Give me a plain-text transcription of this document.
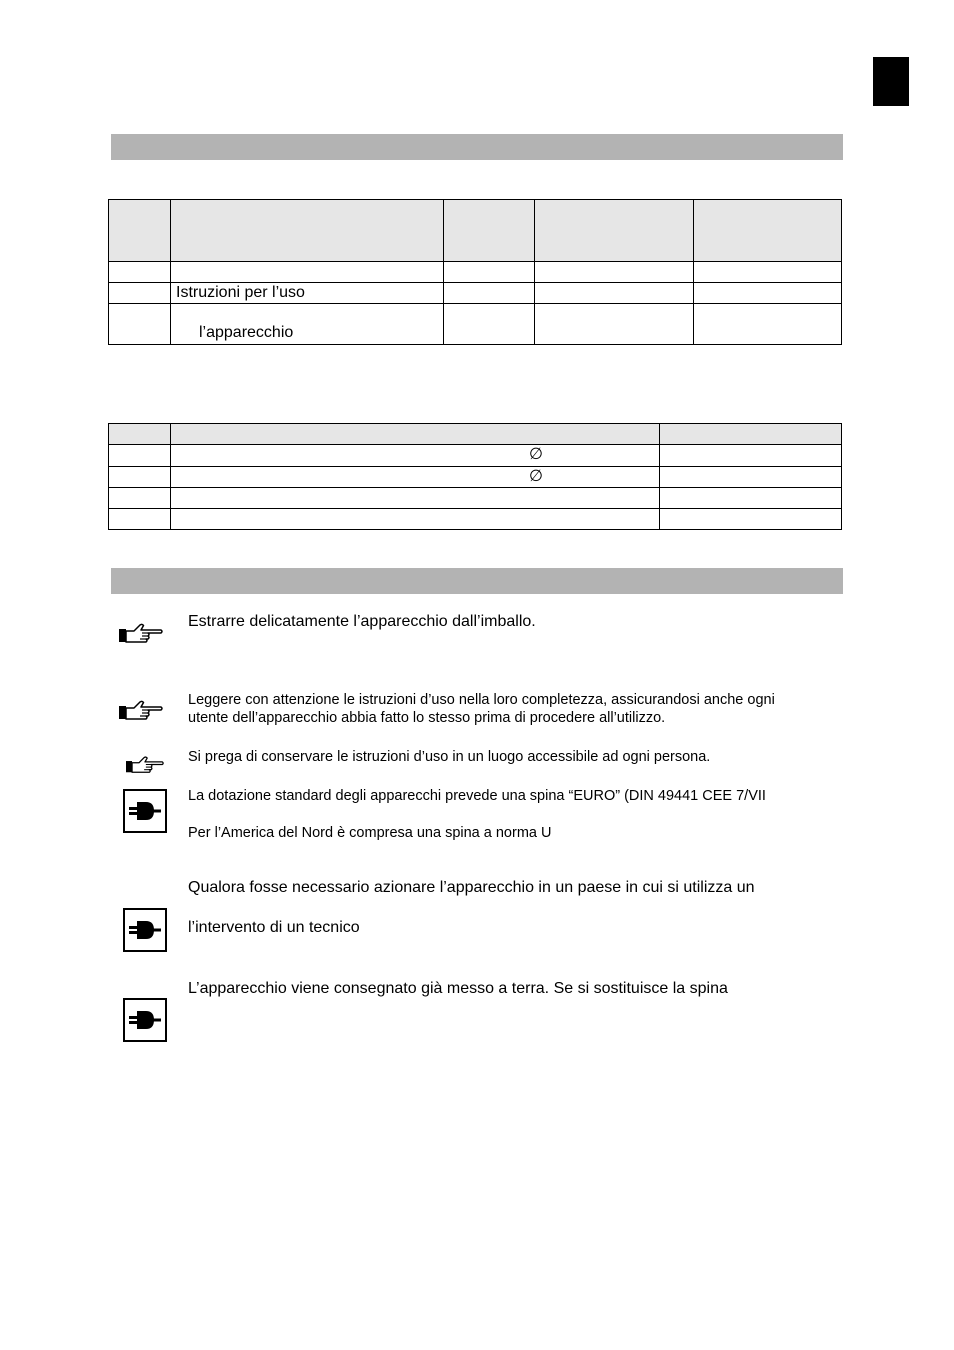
	Istruzioni per l’uso			
	l’apparecchio			

∅
∅
Estrarre delicatamente l’apparecchio dall’imballo.
Leggere con attenzione le istruzioni d’uso nella loro completezza, assicurandosi anche ogni
utente dell’apparecchio abbia fatto lo stesso prima di procedere all’utilizzo.
Si prega di conservare le istruzioni d’uso in un luogo accessibile ad ogni persona.
La dotazione standard degli apparecchi prevede una spina “EURO” (DIN 49441 CEE 7/VII
Per l’America del Nord è compresa una spina a norma U
Qualora fosse necessario azionare l’apparecchio in un paese in cui si utilizza un
l’intervento di un tecnico
L’apparecchio viene consegnato già messo a terra. Se si sostituisce la spina
